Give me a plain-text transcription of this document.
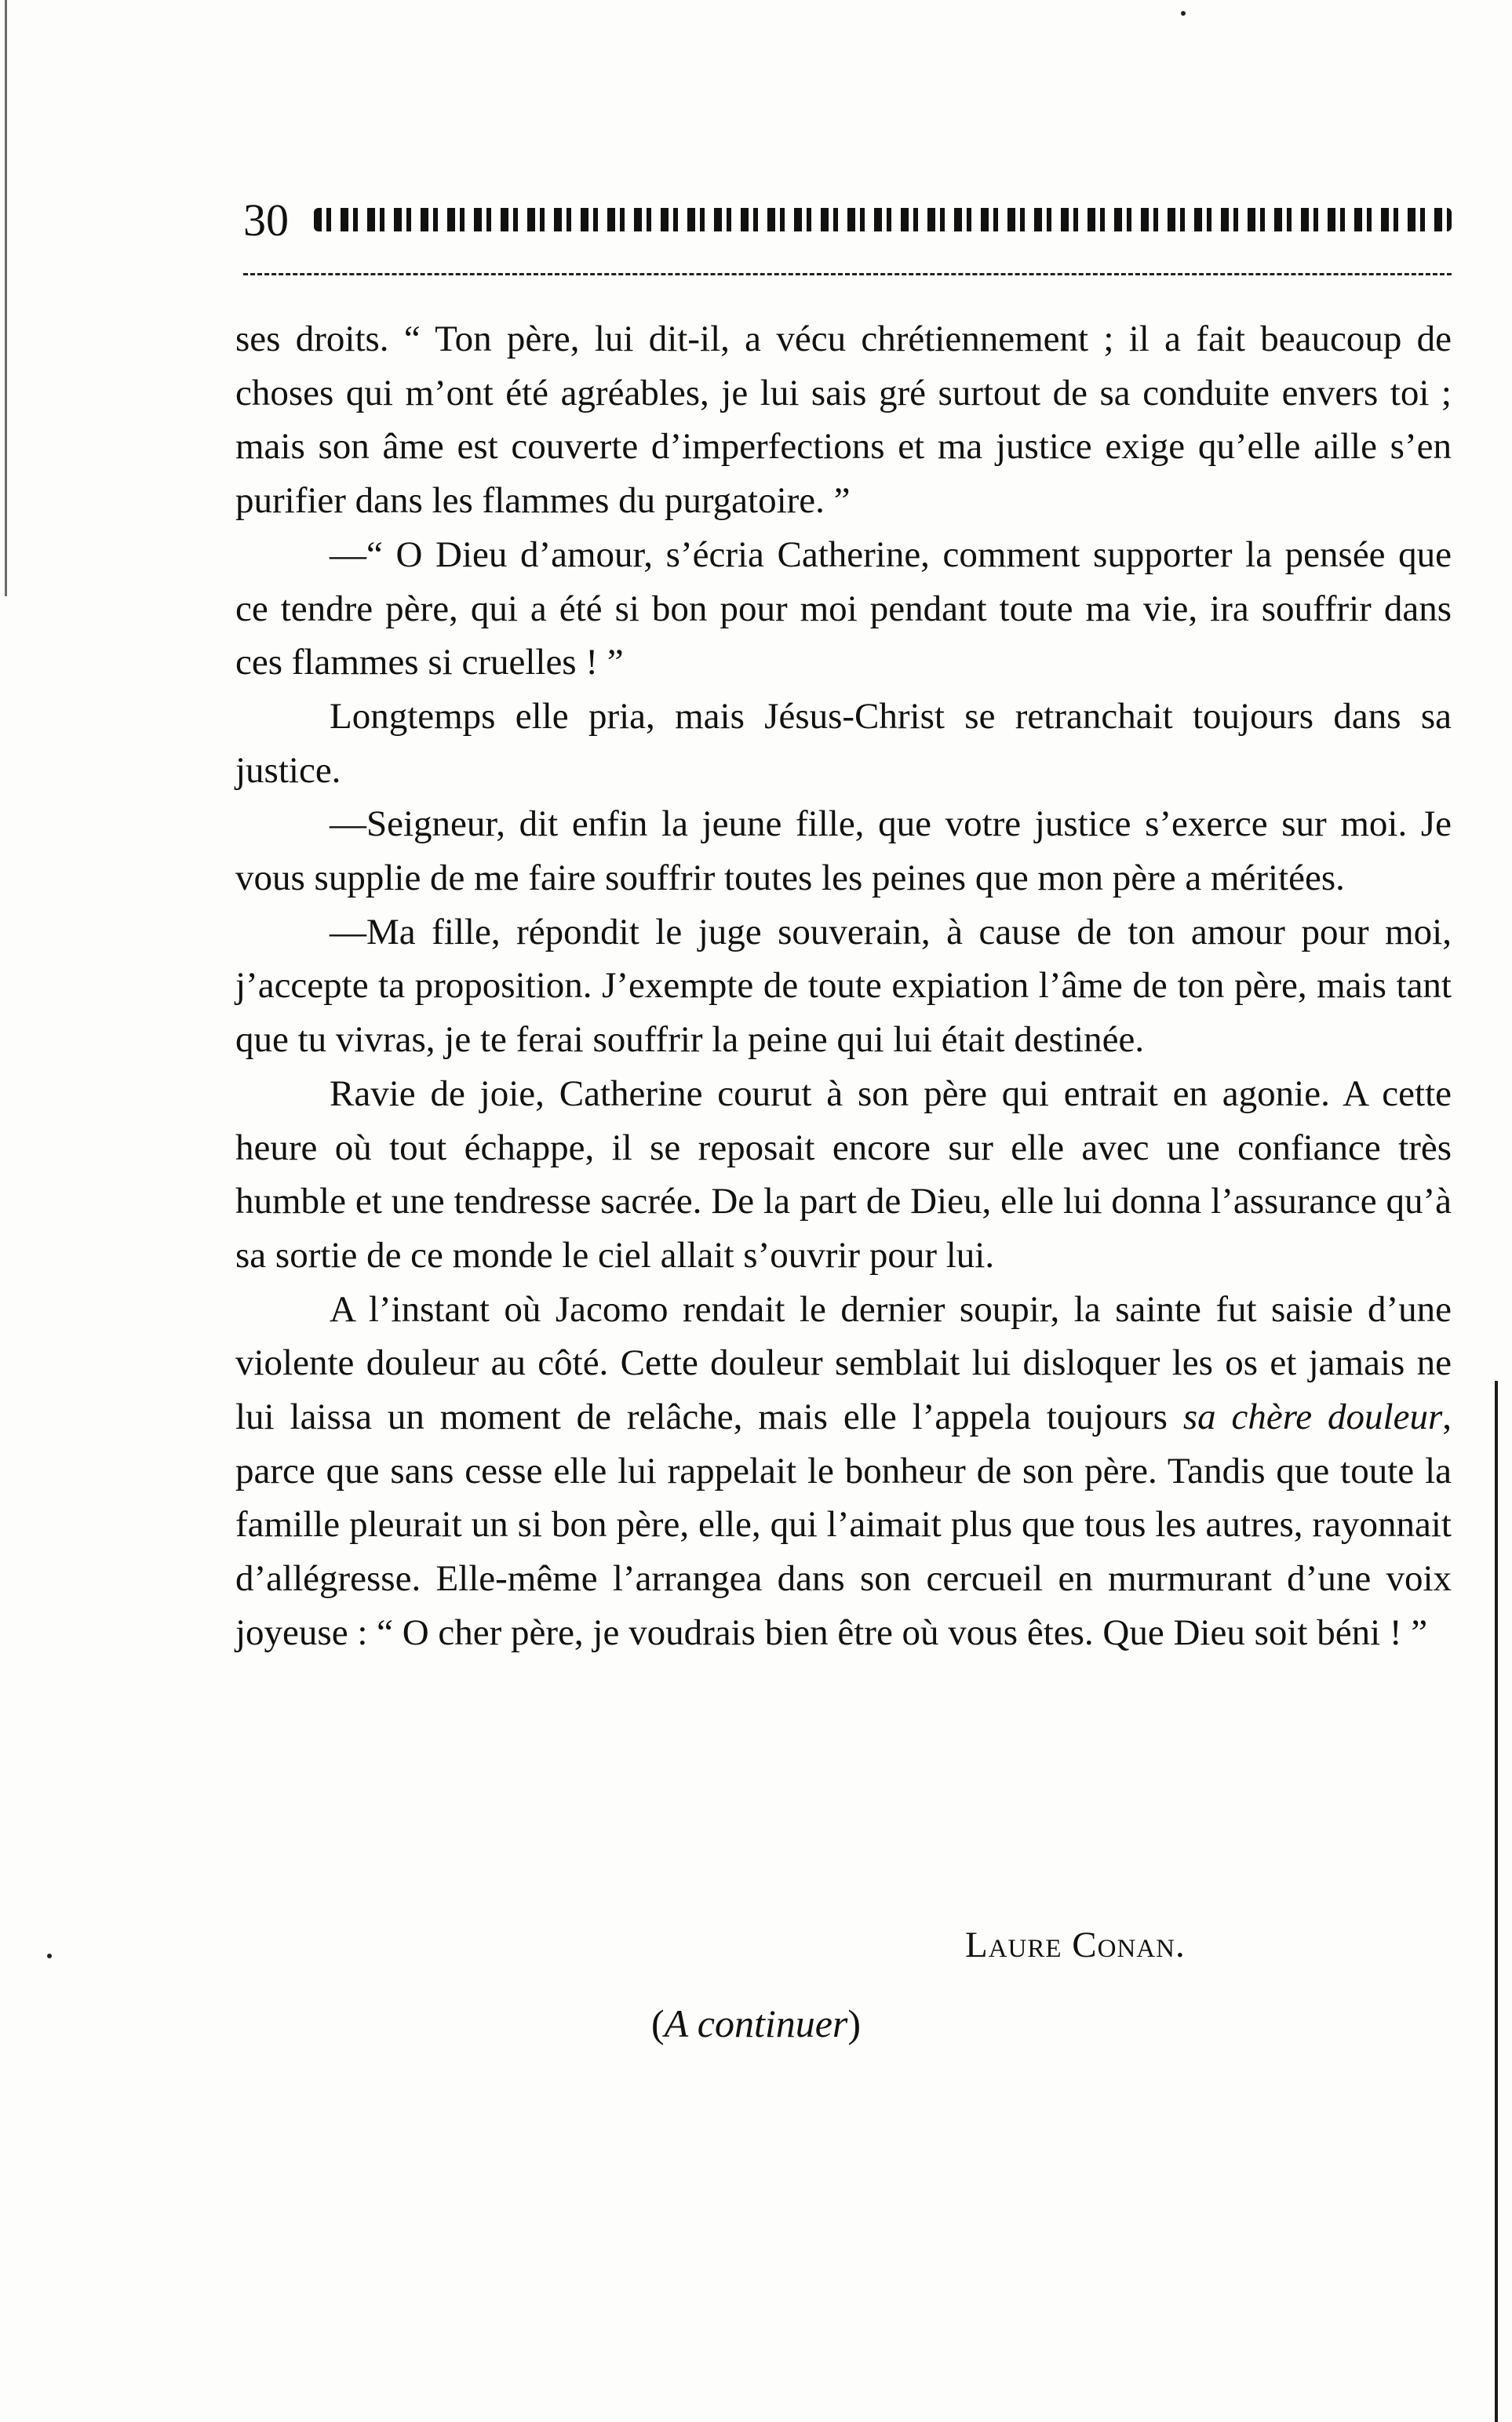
30

ses droits. “ Ton père, lui dit-il, a vécu chrétiennement ; il a fait beaucoup de choses qui m’ont été agréables, je lui sais gré surtout de sa conduite envers toi ; mais son âme est couverte d’imperfections et ma justice exige qu’elle aille s’en purifier dans les flammes du purgatoire. ”

—“ O Dieu d’amour, s’écria Catherine, comment supporter la pensée que ce tendre père, qui a été si bon pour moi pendant toute ma vie, ira souffrir dans ces flammes si cruelles ! ”

Longtemps elle pria, mais Jésus-Christ se retranchait toujours dans sa justice.

—Seigneur, dit enfin la jeune fille, que votre justice s’exerce sur moi. Je vous supplie de me faire souffrir toutes les peines que mon père a méritées.

—Ma fille, répondit le juge souverain, à cause de ton amour pour moi, j’accepte ta proposition. J’exempte de toute expiation l’âme de ton père, mais tant que tu vivras, je te ferai souffrir la peine qui lui était destinée.

Ravie de joie, Catherine courut à son père qui entrait en agonie. A cette heure où tout échappe, il se reposait encore sur elle avec une confiance très humble et une tendresse sacrée. De la part de Dieu, elle lui donna l’assurance qu’à sa sortie de ce monde le ciel allait s’ouvrir pour lui.

A l’instant où Jacomo rendait le dernier soupir, la sainte fut saisie d’une violente douleur au côté. Cette douleur semblait lui disloquer les os et jamais ne lui laissa un moment de relâche, mais elle l’appela toujours sa chère douleur, parce que sans cesse elle lui rappelait le bonheur de son père. Tandis que toute la famille pleurait un si bon père, elle, qui l’aimait plus que tous les autres, rayonnait d’allégresse. Elle-même l’arrangea dans son cercueil en murmurant d’une voix joyeuse : “ O cher père, je voudrais bien être où vous êtes. Que Dieu soit béni ! ”

Laure Conan.
(A continuer)
